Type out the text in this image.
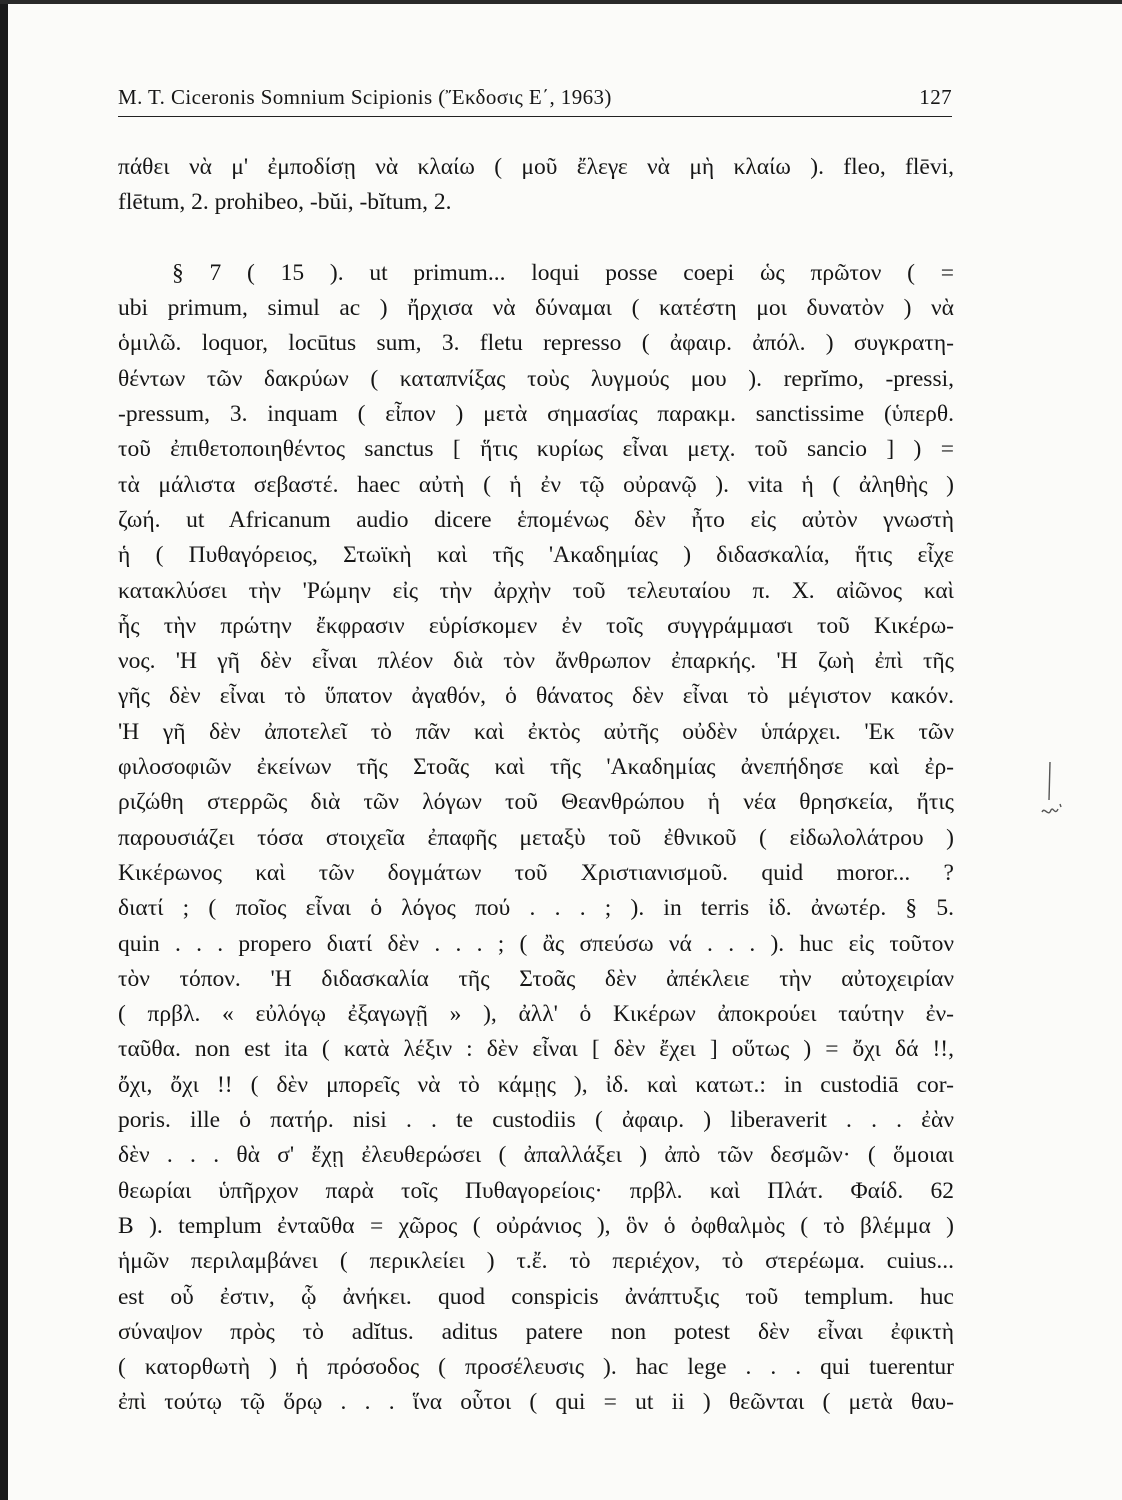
M. T. Ciceronis Somnium Scipionis (Ἔκδοσις Ε΄, 1963)	127
πάθει νὰ μ' ἐμποδίσῃ νὰ κλαίω ( μοῦ ἔλεγε νὰ μὴ κλαίω ). fleo, flēvi,
flētum, 2. prohibeo, -bŭi, -bĭtum, 2.
§ 7 ( 15 ). ut primum... loqui posse coepi ὡς πρῶτον ( =
ubi primum, simul ac ) ἤρχισα νὰ δύναμαι ( κατέστη μοι δυνατὸν ) νὰ
ὁμιλῶ. loquor, locūtus sum, 3. fletu represso ( ἀφαιρ. ἀπόλ. ) συγκρατη-
θέντων τῶν δακρύων ( καταπνίξας τοὺς λυγμούς μου ). reprĭmo, -pressi,
-pressum, 3. inquam ( εἶπον ) μετὰ σημασίας παρακμ. sanctissime (ὑπερθ.
τοῦ ἐπιθετοποιηθέντος sanctus [ ἥτις κυρίως εἶναι μετχ. τοῦ sancio ] ) =
τὰ μάλιστα σεβαστέ. haec αὐτὴ ( ἡ ἐν τῷ οὐρανῷ ). vita ἡ ( ἀληθὴς )
ζωή. ut Africanum audio dicere ἑπομένως δὲν ἦτο εἰς αὐτὸν γνωστὴ
ἡ ( Πυθαγόρειος, Στωϊκὴ καὶ τῆς 'Ακαδημίας ) διδασκαλία, ἥτις εἶχε
κατακλύσει τὴν 'Ρώμην εἰς τὴν ἀρχὴν τοῦ τελευταίου π. Χ. αἰῶνος καὶ
ἧς τὴν πρώτην ἔκφρασιν εὑρίσκομεν ἐν τοῖς συγγράμμασι τοῦ Κικέρω-
νος. 'Η γῆ δὲν εἶναι πλέον διὰ τὸν ἄνθρωπον ἐπαρκής. 'Η ζωὴ ἐπὶ τῆς
γῆς δὲν εἶναι τὸ ὕπατον ἀγαθόν, ὁ θάνατος δὲν εἶναι τὸ μέγιστον κακόν.
'Η γῆ δὲν ἀποτελεῖ τὸ πᾶν καὶ ἐκτὸς αὐτῆς οὐδὲν ὑπάρχει. 'Εκ τῶν
φιλοσοφιῶν ἐκείνων τῆς Στοᾶς καὶ τῆς 'Ακαδημίας ἀνεπήδησε καὶ ἐρ-
ριζώθη στερρῶς διὰ τῶν λόγων τοῦ Θεανθρώπου ἡ νέα θρησκεία, ἥτις
παρουσιάζει τόσα στοιχεῖα ἐπαφῆς μεταξὺ τοῦ ἐθνικοῦ ( εἰδωλολάτρου )
Κικέρωνος καὶ τῶν δογμάτων τοῦ Χριστιανισμοῦ. quid moror... ?
διατί ; ( ποῖος εἶναι ὁ λόγος πού . . . ; ). in terris ἰδ. ἀνωτέρ. § 5.
quin . . . propero διατί δὲν . . . ; ( ἂς σπεύσω νά . . . ). huc εἰς τοῦτον
τὸν τόπον. 'Η διδασκαλία τῆς Στοᾶς δὲν ἀπέκλειε τὴν αὐτοχειρίαν
( πρβλ. « εὐλόγῳ ἐξαγωγῇ » ), ἀλλ' ὁ Κικέρων ἀποκρούει ταύτην ἐν-
ταῦθα. non est ita ( κατὰ λέξιν : δὲν εἶναι [ δὲν ἔχει ] οὕτως ) = ὄχι δά !!,
ὄχι, ὄχι !! ( δὲν μπορεῖς νὰ τὸ κάμῃς ), ἰδ. καὶ κατωτ.: in custodiā cor-
poris. ille ὁ πατήρ. nisi . . te custodiis ( ἀφαιρ. ) liberaverit . . . ἐὰν
δὲν . . . θὰ σ' ἔχῃ ἐλευθερώσει ( ἀπαλλάξει ) ἀπὸ τῶν δεσμῶν· ( ὅμοιαι
θεωρίαι ὑπῆρχον παρὰ τοῖς Πυθαγορείοις· πρβλ. καὶ Πλάτ. Φαίδ. 62
B ). templum ἐνταῦθα = χῶρος ( οὐράνιος ), ὃν ὁ ὀφθαλμὸς ( τὸ βλέμμα )
ἡμῶν περιλαμβάνει ( περικλείει ) τ.ἔ. τὸ περιέχον, τὸ στερέωμα. cuius...
est οὗ ἐστιν, ᾧ ἀνήκει. quod conspicis ἀνάπτυξις τοῦ templum. huc
σύναψον πρὸς τὸ adĭtus. aditus patere non potest δὲν εἶναι ἐφικτὴ
( κατορθωτὴ ) ἡ πρόσοδος ( προσέλευσις ). hac lege . . . qui tuerentur
ἐπὶ τούτῳ τῷ ὅρῳ . . . ἵνα οὗτοι ( qui = ut ii ) θεῶνται ( μετὰ θαυ-
